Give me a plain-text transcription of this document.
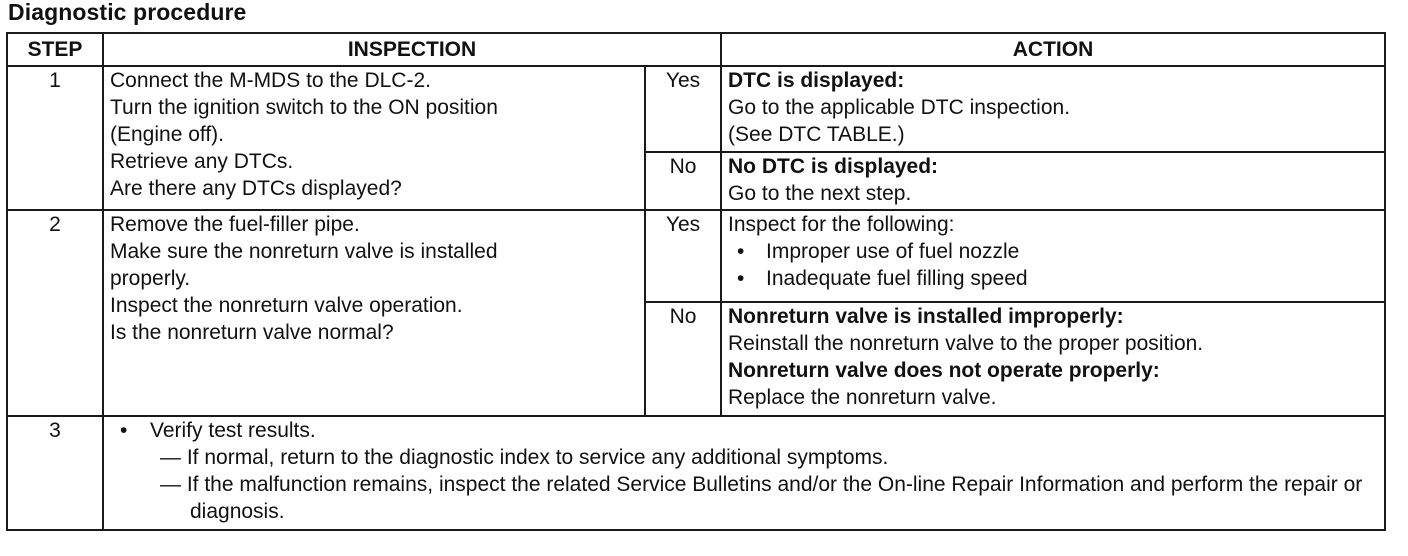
Diagnostic procedure
STEP	INSPECTION		ACTION
1	Connect the M-MDS to the DLC-2.
Turn the ignition switch to the ON position
(Engine off).
Retrieve any DTCs.
Are there any DTCs displayed?	Yes	DTC is displayed:
Go to the applicable DTC inspection.
(See DTC TABLE.)

		No	No DTC is displayed:
Go to the next step.

2	Remove the fuel-filler pipe.
Make sure the nonreturn valve is installed
properly.
Inspect the nonreturn valve operation.
Is the nonreturn valve normal?	Yes	Inspect for the following:
• Improper use of fuel nozzle
• Inadequate fuel filling speed

		No	Nonreturn valve is installed improperly:
Reinstall the nonreturn valve to the proper position.
Nonreturn valve does not operate properly:
Replace the nonreturn valve.

3	• Verify test results.
— If normal, return to the diagnostic index to service any additional symptoms.
— If the malfunction remains, inspect the related Service Bulletins and/or the On-line Repair Information and perform the repair or diagnosis.		
